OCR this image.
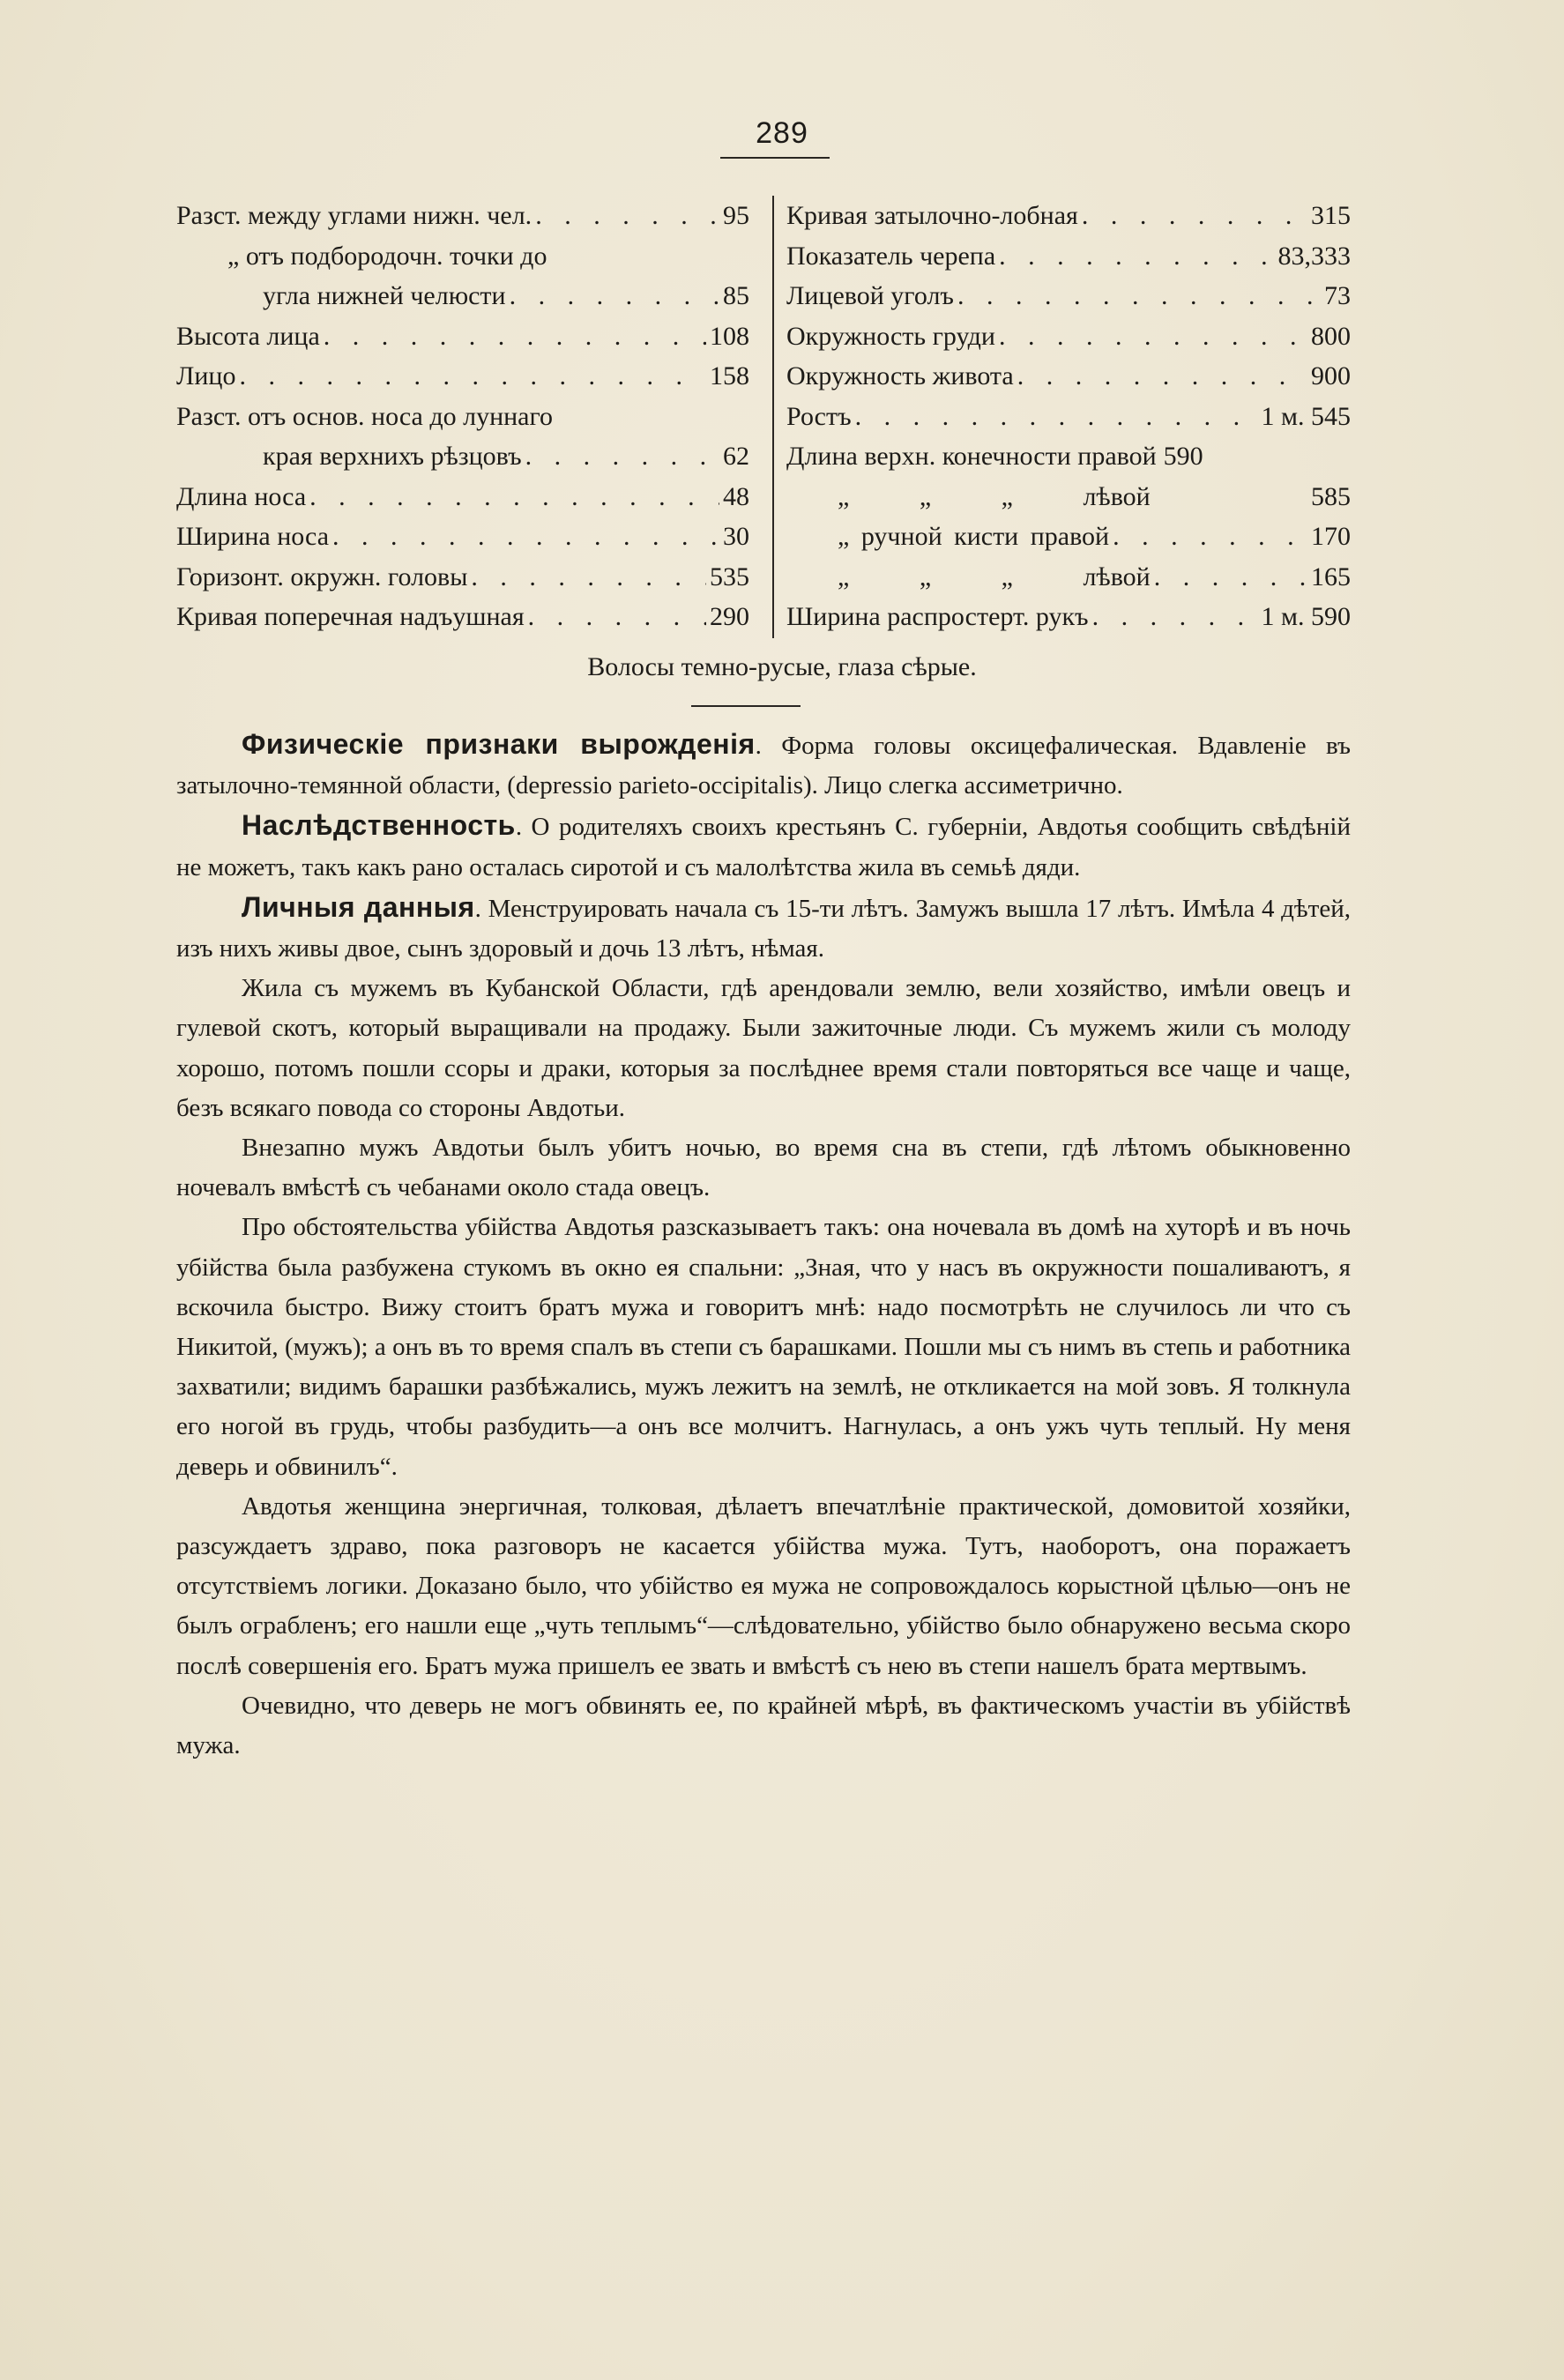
289
Разст. между углами нижн. чел. . . .	95
„ отъ подбородочн. точки до
угла нижней челюсти . . .	85
Высота лица . . .	108
Лицо . . .	158
Разст. отъ основ. носа до луннаго
края верхнихъ рѣзцовъ . . .	62
Длина носа . . .	48
Ширина носа . . .	30
Горизонт. окружн. головы . . .	535
Кривая поперечная надъушная . . .	290
Кривая затылочно-лобная . . .	315
Показатель черепа . . .	83,333
Лицевой уголъ . . .	73
Окружность груди . . .	800
Окружность живота . . .	900
Ростъ . . .	1 м. 545
Длина верхн. конечности правой 590
„ „ „ лѣвой	585
„ ручной кисти правой . . .	170
„ „ „ лѣвой . . .	165
Ширина распростерт. рукъ . . .	1 м. 590
Волосы темно-русые, глаза сѣрые.

Физическіе признаки вырожденія. Форма головы оксицефалическая. Вдавленіе въ затылочно-темянной области, (depressio parieto-occipitalis). Лицо слегка ассиметрично.

Наслѣдственность. О родителяхъ своихъ крестьянъ С. губерніи, Авдотья сообщить свѣдѣній не можетъ, такъ какъ рано осталась сиротой и съ малолѣтства жила въ семьѣ дяди.

Личныя данныя. Менструировать начала съ 15-ти лѣтъ. Замужъ вышла 17 лѣтъ. Имѣла 4 дѣтей, изъ нихъ живы двое, сынъ здоровый и дочь 13 лѣтъ, нѣмая.

Жила съ мужемъ въ Кубанской Области, гдѣ арендовали землю, вели хозяйство, имѣли овецъ и гулевой скотъ, который выращивали на продажу. Были зажиточные люди. Съ мужемъ жили съ молоду хорошо, потомъ пошли ссоры и драки, которыя за послѣднее время стали повторяться все чаще и чаще, безъ всякаго повода со стороны Авдотьи.

Внезапно мужъ Авдотьи былъ убитъ ночью, во время сна въ степи, гдѣ лѣтомъ обыкновенно ночевалъ вмѣстѣ съ чебанами около стада овецъ.

Про обстоятельства убійства Авдотья разсказываетъ такъ: она ночевала въ домѣ на хуторѣ и въ ночь убійства была разбужена стукомъ въ окно ея спальни: „Зная, что у насъ въ окружности пошаливаютъ, я вскочила быстро. Вижу стоитъ братъ мужа и говоритъ мнѣ: надо посмотрѣть не случилось ли что съ Никитой, (мужъ); а онъ въ то время спалъ въ степи съ барашками. Пошли мы съ нимъ въ степь и работника захватили; видимъ барашки разбѣжались, мужъ лежитъ на землѣ, не откликается на мой зовъ. Я толкнула его ногой въ грудь, чтобы разбудить—а онъ все молчитъ. Нагнулась, а онъ ужъ чуть теплый. Ну меня деверь и обвинилъ“.

Авдотья женщина энергичная, толковая, дѣлаетъ впечатлѣніе практической, домовитой хозяйки, разсуждаетъ здраво, пока разговоръ не касается убійства мужа. Тутъ, наоборотъ, она поражаетъ отсутствіемъ логики. Доказано было, что убійство ея мужа не сопровождалось корыстной цѣлью—онъ не былъ ограбленъ; его нашли еще „чуть теплымъ“—слѣдовательно, убійство было обнаружено весьма скоро послѣ совершенія его. Братъ мужа пришелъ ее звать и вмѣстѣ съ нею въ степи нашелъ брата мертвымъ.

Очевидно, что деверь не могъ обвинять ее, по крайней мѣрѣ, въ фактическомъ участіи въ убійствѣ мужа.
